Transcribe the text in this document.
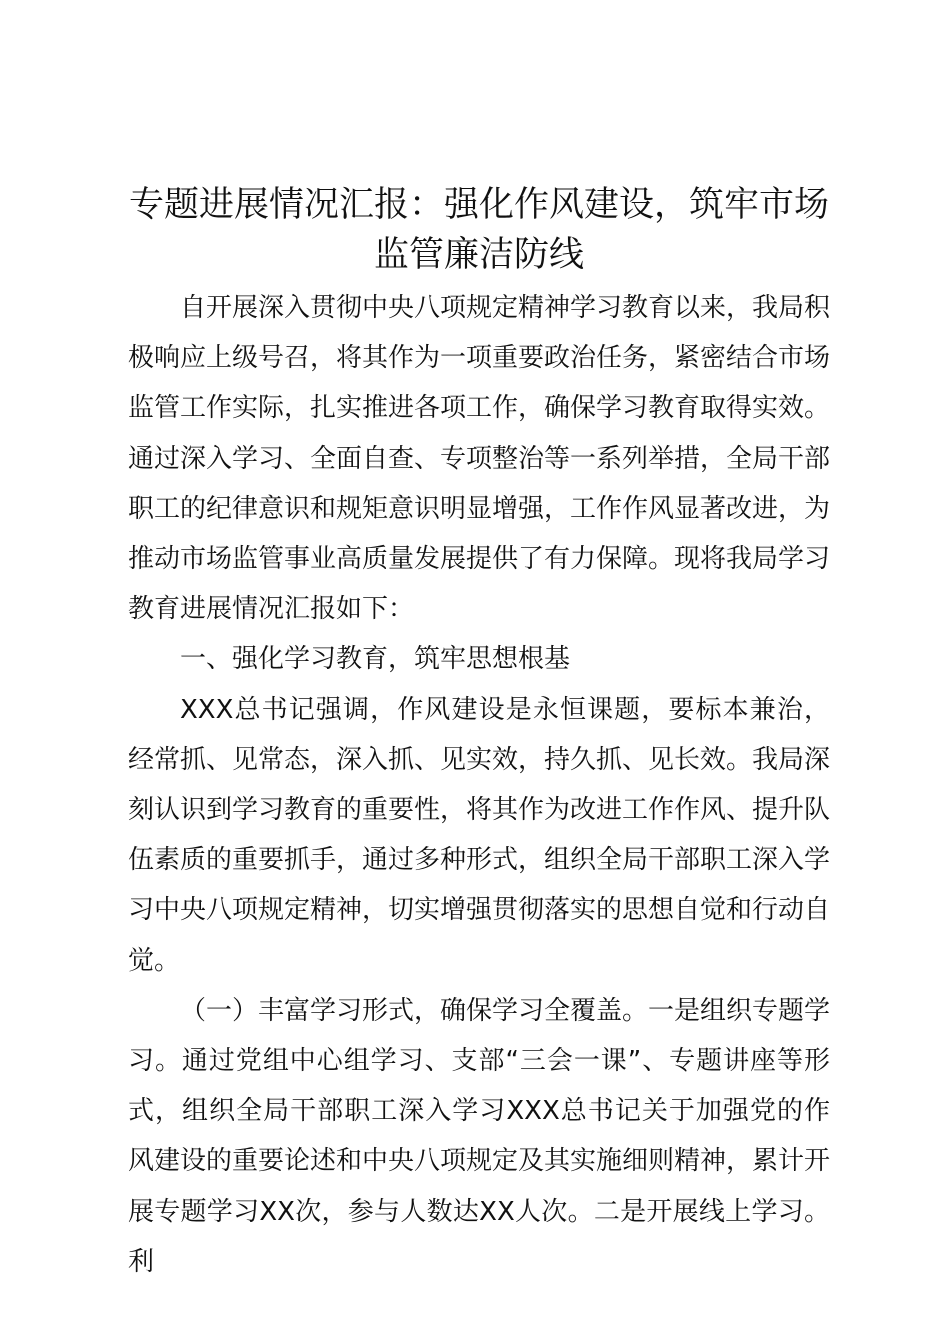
专题进展情况汇报：强化作风建设，筑牢市场监管廉洁防线

自开展深入贯彻中央八项规定精神学习教育以来，我局积极响应上级号召，将其作为一项重要政治任务，紧密结合市场监管工作实际，扎实推进各项工作，确保学习教育取得实效。通过深入学习、全面自查、专项整治等一系列举措，全局干部职工的纪律意识和规矩意识明显增强，工作作风显著改进，为推动市场监管事业高质量发展提供了有力保障。现将我局学习教育进展情况汇报如下：

一、强化学习教育，筑牢思想根基

XXX总书记强调，作风建设是永恒课题，要标本兼治，经常抓、见常态，深入抓、见实效，持久抓、见长效。我局深刻认识到学习教育的重要性，将其作为改进工作作风、提升队伍素质的重要抓手，通过多种形式，组织全局干部职工深入学习中央八项规定精神，切实增强贯彻落实的思想自觉和行动自觉。

（一）丰富学习形式，确保学习全覆盖。一是组织专题学习。通过党组中心组学习、支部“三会一课”、专题讲座等形式，组织全局干部职工深入学习XXX总书记关于加强党的作风建设的重要论述和中央八项规定及其实施细则精神，累计开展专题学习XX次，参与人数达XX人次。二是开展线上学习。利
